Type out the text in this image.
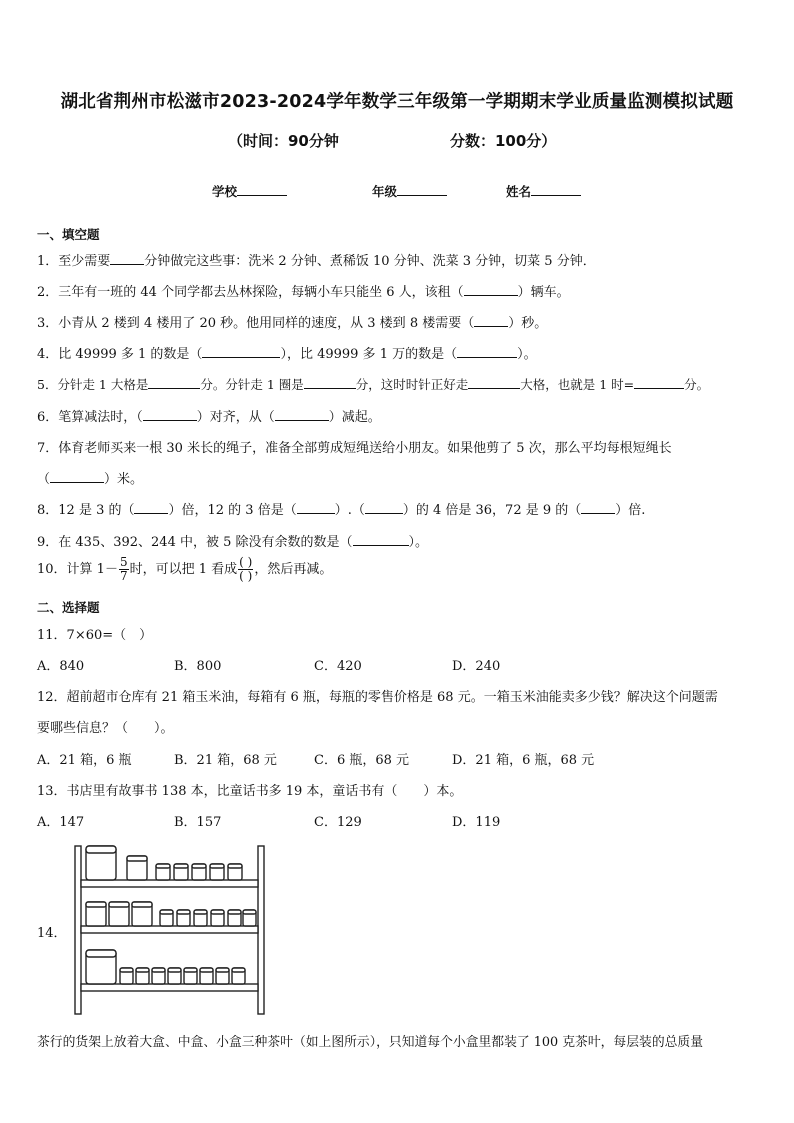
湖北省荆州市松滋市2023-2024学年数学三年级第一学期期末学业质量监测模拟试题
（时间：90分钟	分数：100分）
学校	年级	姓名
一、填空题
1．至少需要	分钟做完这些事：洗米 2 分钟、煮稀饭 10 分钟、洗菜 3 分钟，切菜 5 分钟．
2．三年有一班的 44 个同学都去丛林探险，每辆小车只能坐 6 人，该租（	）辆车。
3．小青从 2 楼到 4 楼用了 20 秒。他用同样的速度，从 3 楼到 8 楼需要（	）秒。
4．比 49999 多 1 的数是（	），比 49999 多 1 万的数是（	）。
5．分针走 1 大格是	分。分针走 1 圈是	分，这时时针正好走	大格，也就是 1 时=	分。
6．笔算减法时，（	）对齐，从（	）减起。
7．体育老师买来一根 30 米长的绳子，准备全部剪成短绳送给小朋友。如果他剪了 5 次，那么平均每根短绳长
（	）米。
8．12 是 3 的（	）倍，12 的 3 倍是（	）.（	）的 4 倍是 36，72 是 9 的（	）倍.
9．在 435、392、244 中，被 5 除没有余数的数是（	）。
10．计算 $1- \frac{5}{7}$ 时，可以把 1 看成 $\frac{( )}{( )}$ ，然后再减。
二、选择题
11．7×60=（　）
A．840	B．800	C．420	D．240
12．超前超市仓库有 21 箱玉米油，每箱有 6 瓶，每瓶的零售价格是 68 元。一箱玉米油能卖多少钱？解决这个问题需
要哪些信息？（　　）。
A．21 箱，6 瓶	B．21 箱，68 元	C．6 瓶，68 元	D．21 箱，6 瓶，68 元
13．书店里有故事书 138 本，比童话书多 19 本，童话书有（　　）本。
A．147	B．157	C．129	D．119
14．
茶行的货架上放着大盒、中盒、小盒三种茶叶（如上图所示），只知道每个小盒里都装了 100 克茶叶，每层装的总质量
